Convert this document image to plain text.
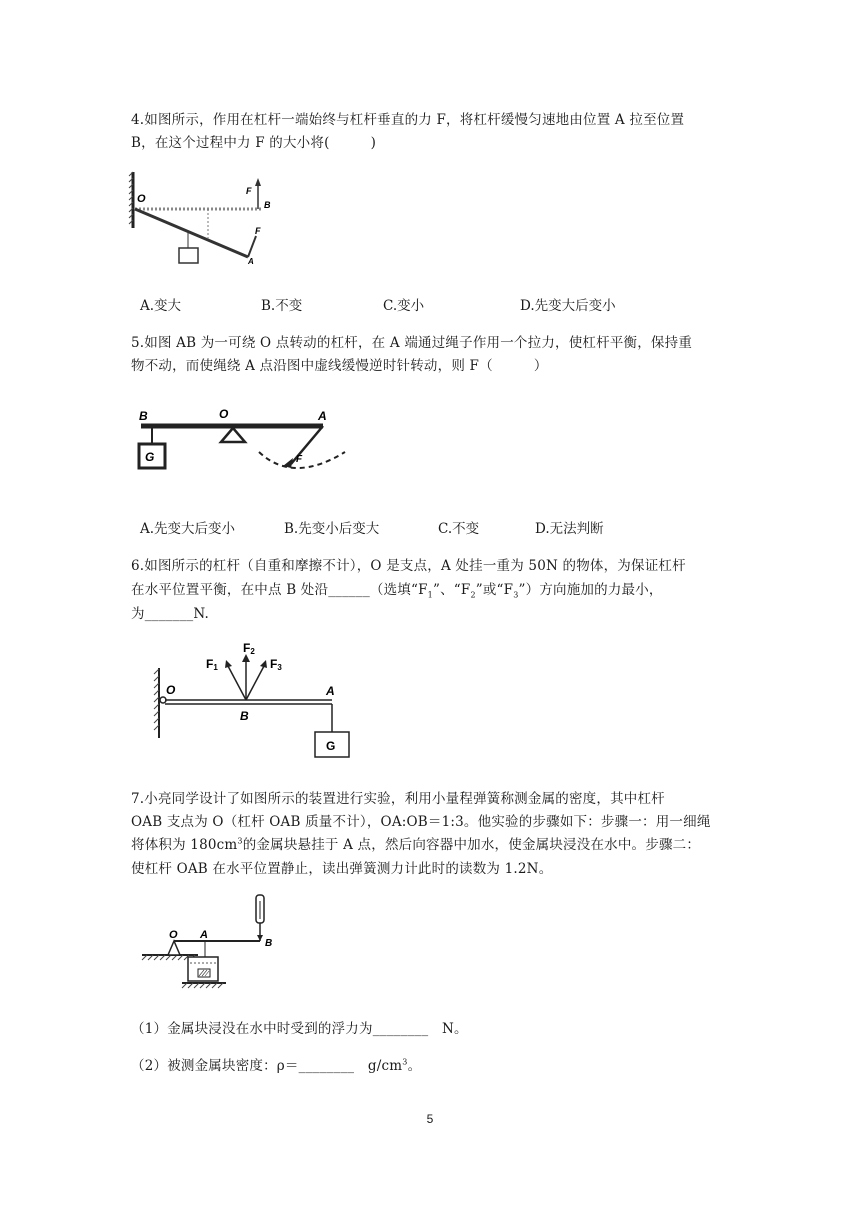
4.如图所示，作用在杠杆一端始终与杠杆垂直的力 F，将杠杆缓慢匀速地由位置 A 拉至位置
B，在这个过程中力 F 的大小将(　　　)
O
F
B
F
A
A.变大	B.不变	C.变小	D.先变大后变小
5.如图 AB 为一可绕 O 点转动的杠杆，在 A 端通过绳子作用一个拉力，使杠杆平衡，保持重
物不动，而使绳绕 A 点沿图中虚线缓慢逆时针转动，则 F（　　　）
B	O	A
G	F
A.先变大后变小	B.先变小后变大	C.不变	D.无法判断
6.如图所示的杠杆（自重和摩擦不计），O 是支点，A 处挂一重为 50N 的物体，为保证杠杆
在水平位置平衡，在中点 B 处沿______（选填“$F_1$”、“$F_2$”或“$F_3$”）方向施加的力最小，
为_______N.
F1
F2
F3
O
B
A
G
7.小亮同学设计了如图所示的装置进行实验，利用小量程弹簧称测金属的密度，其中杠杆
OAB 支点为 O（杠杆 OAB 质量不计），OA:OB＝1:3。他实验的步骤如下：步骤一：用一细绳
将体积为 $180cm^3$的金属块悬挂于 A 点，然后向容器中加水，使金属块浸没在水中。步骤二：
使杠杆 OAB 在水平位置静止，读出弹簧测力计此时的读数为 1.2N。
O A
B
（1）金属块浸没在水中时受到的浮力为________　N。
（2）被测金属块密度：ρ＝________　$g/cm^3$。
5
